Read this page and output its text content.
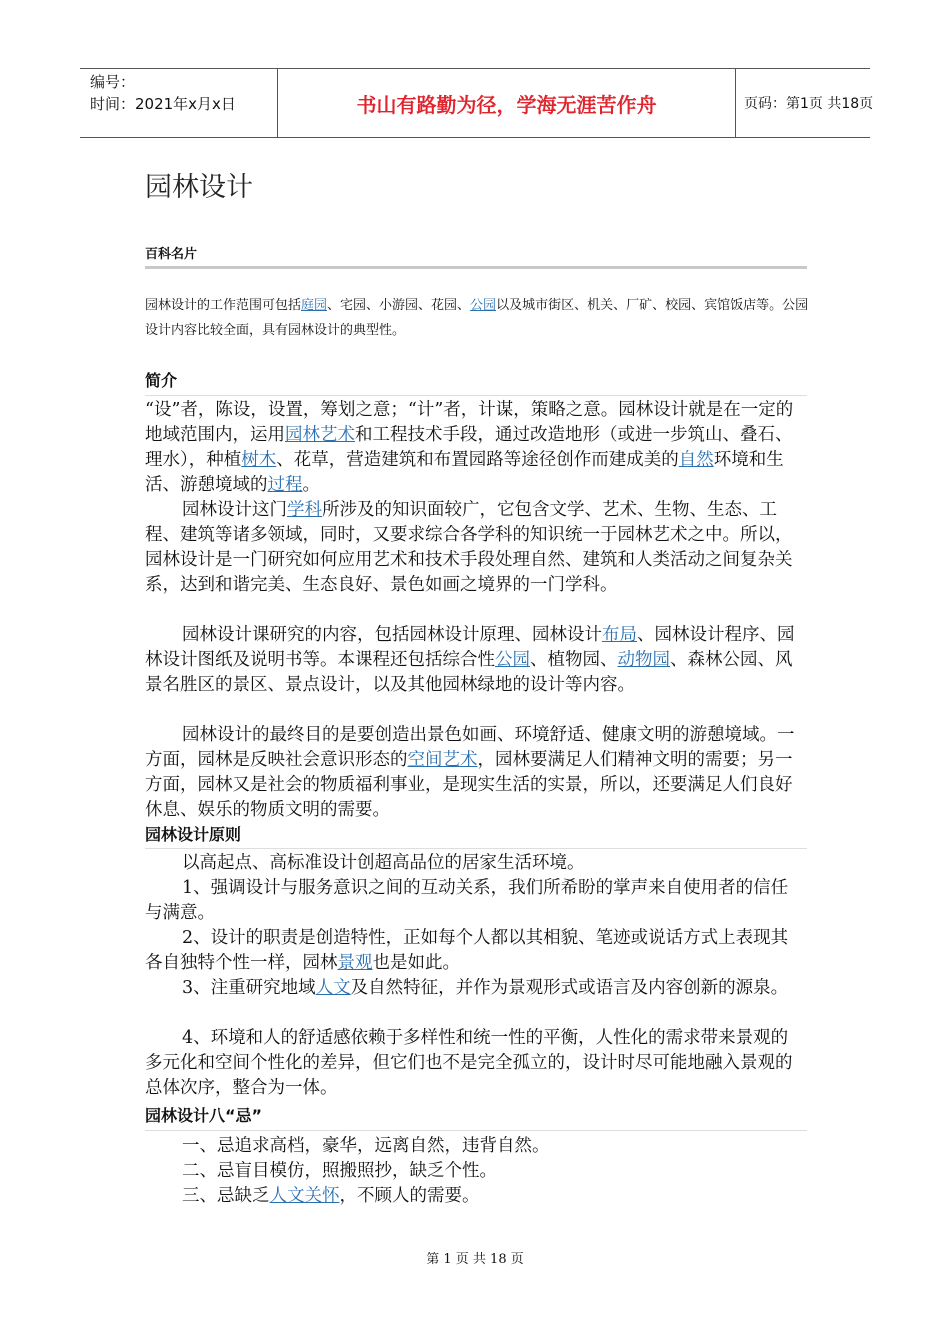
编号：
时间：2021年x月x日	书山有路勤为径，学海无涯苦作舟	页码：第1页 共18页
园林设计
百科名片
园林设计的工作范围可包括庭园、宅园、小游园、花园、公园以及城市街区、机关、厂矿、校园、宾馆饭店等。公园设计内容比较全面，具有园林设计的典型性。
简介

“设”者，陈设，设置，筹划之意；“计”者，计谋，策略之意。园林设计就是在一定的地域范围内，运用园林艺术和工程技术手段，通过改造地形（或进一步筑山、叠石、理水），种植树木、花草，营造建筑和布置园路等途径创作而建成美的自然环境和生活、游憩境域的过程。

园林设计这门学科所涉及的知识面较广，它包含文学、艺术、生物、生态、工程、建筑等诸多领域，同时，又要求综合各学科的知识统一于园林艺术之中。所以，园林设计是一门研究如何应用艺术和技术手段处理自然、建筑和人类活动之间复杂关系，达到和谐完美、生态良好、景色如画之境界的一门学科。

园林设计课研究的内容，包括园林设计原理、园林设计布局、园林设计程序、园林设计图纸及说明书等。本课程还包括综合性公园、植物园、动物园、森林公园、风景名胜区的景区、景点设计，以及其他园林绿地的设计等内容。

园林设计的最终目的是要创造出景色如画、环境舒适、健康文明的游憩境域。一方面，园林是反映社会意识形态的空间艺术，园林要满足人们精神文明的需要；另一方面，园林又是社会的物质福利事业，是现实生活的实景，所以，还要满足人们良好休息、娱乐的物质文明的需要。

园林设计原则

以高起点、高标准设计创超高品位的居家生活环境。

1、强调设计与服务意识之间的互动关系，我们所希盼的掌声来自使用者的信任与满意。

2、设计的职责是创造特性，正如每个人都以其相貌、笔迹或说话方式上表现其各自独特个性一样，园林景观也是如此。

3、注重研究地域人文及自然特征，并作为景观形式或语言及内容创新的源泉。

4、环境和人的舒适感依赖于多样性和统一性的平衡，人性化的需求带来景观的多元化和空间个性化的差异，但它们也不是完全孤立的，设计时尽可能地融入景观的总体次序，整合为一体。

园林设计八“忌”

一、忌追求高档，豪华，远离自然，违背自然。

二、忌盲目模仿，照搬照抄，缺乏个性。

三、忌缺乏人文关怀，不顾人的需要。

第 1 页 共 18 页
